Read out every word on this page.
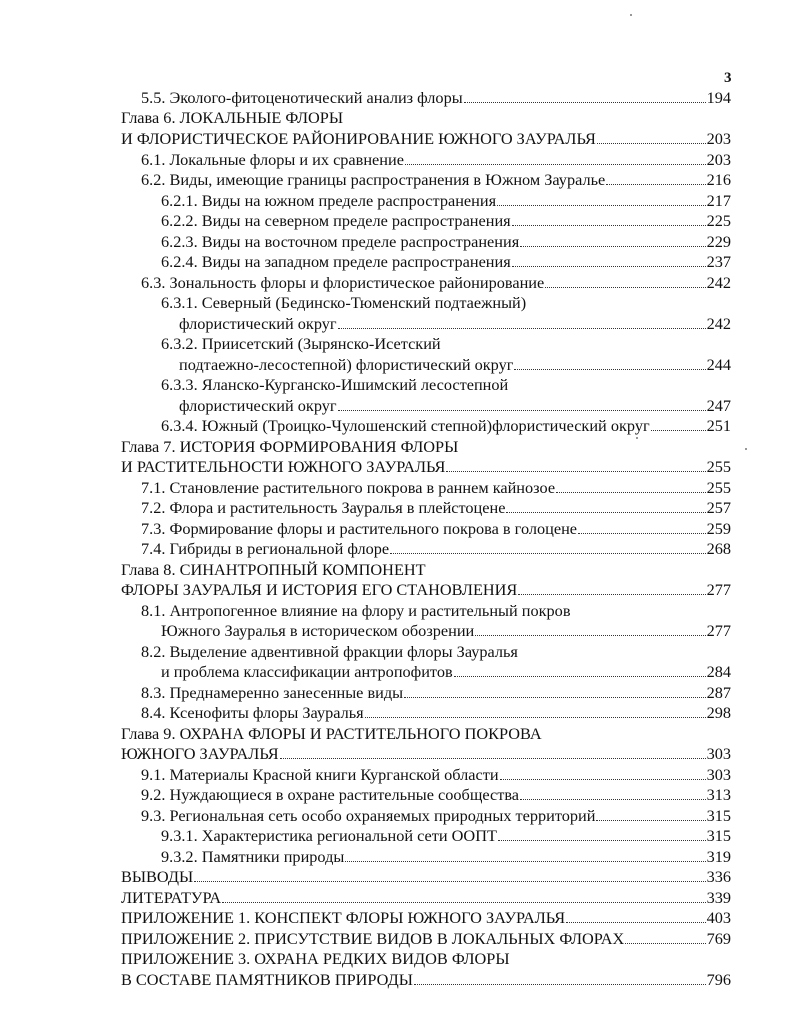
3
5.5. Эколого-фитоценотический анализ флоры	194
Глава 6. ЛОКАЛЬНЫЕ ФЛОРЫ
И ФЛОРИСТИЧЕСКОЕ РАЙОНИРОВАНИЕ ЮЖНОГО ЗАУРАЛЬЯ	203
6.1. Локальные флоры и их сравнение	203
6.2. Виды, имеющие границы распространения в Южном Зауралье	216
6.2.1. Виды на южном пределе распространения	217
6.2.2. Виды на северном пределе распространения	225
6.2.3. Виды на восточном пределе распространения	229
6.2.4. Виды на западном пределе распространения	237
6.3. Зональность флоры и флористическое районирование	242
6.3.1. Северный (Бединско-Тюменский подтаежный)
флористический округ	242
6.3.2. Приисетский (Зырянско-Исетский
подтаежно-лесостепной) флористический округ	244
6.3.3. Яланско-Курганско-Ишимский лесостепной
флористический округ	247
6.3.4. Южный (Троицко-Чулошенский степной)флористический округ	251
Глава 7. ИСТОРИЯ ФОРМИРОВАНИЯ ФЛОРЫ
И РАСТИТЕЛЬНОСТИ ЮЖНОГО ЗАУРАЛЬЯ	255
7.1. Становление растительного покрова в раннем кайнозое	255
7.2. Флора и растительность Зауралья в плейстоцене	257
7.3. Формирование флоры и растительного покрова в голоцене	259
7.4. Гибриды в региональной флоре	268
Глава 8. СИНАНТРОПНЫЙ КОМПОНЕНТ
ФЛОРЫ ЗАУРАЛЬЯ И ИСТОРИЯ ЕГО СТАНОВЛЕНИЯ	277
8.1. Антропогенное влияние на флору и растительный покров
Южного Зауралья в историческом обозрении	277
8.2. Выделение адвентивной фракции флоры Зауралья
и проблема классификации антропофитов	284
8.3. Преднамеренно занесенные виды	287
8.4. Ксенофиты флоры Зауралья	298
Глава 9. ОХРАНА ФЛОРЫ И РАСТИТЕЛЬНОГО ПОКРОВА
ЮЖНОГО ЗАУРАЛЬЯ	303
9.1. Материалы Красной книги Курганской области	303
9.2. Нуждающиеся в охране растительные сообщества	313
9.3. Региональная сеть особо охраняемых природных территорий	315
9.3.1. Характеристика региональной сети ООПТ	315
9.3.2. Памятники природы	319
ВЫВОДЫ	336
ЛИТЕРАТУРА	339
ПРИЛОЖЕНИЕ 1. КОНСПЕКТ ФЛОРЫ ЮЖНОГО ЗАУРАЛЬЯ	403
ПРИЛОЖЕНИЕ 2. ПРИСУТСТВИЕ ВИДОВ В ЛОКАЛЬНЫХ ФЛОРАХ	769
ПРИЛОЖЕНИЕ 3. ОХРАНА РЕДКИХ ВИДОВ ФЛОРЫ
В СОСТАВЕ ПАМЯТНИКОВ ПРИРОДЫ	796
